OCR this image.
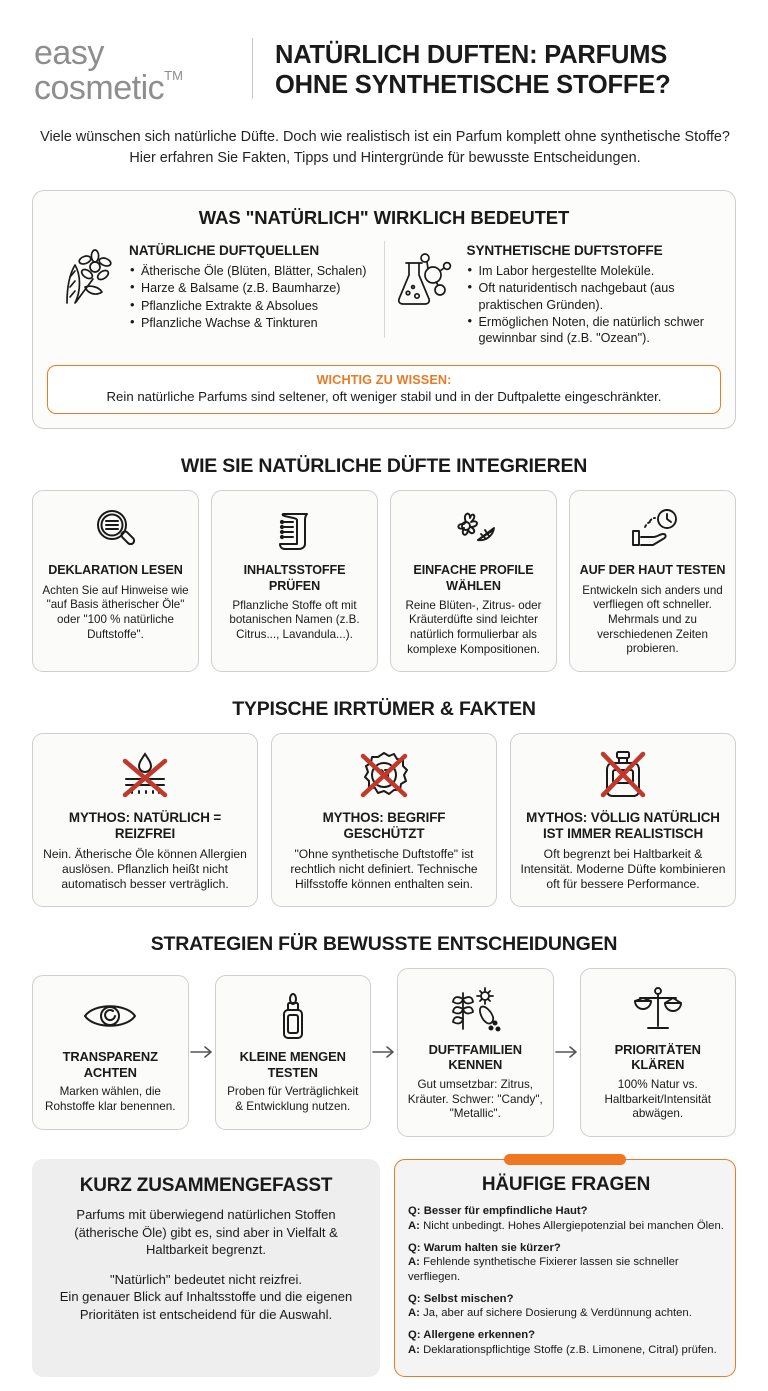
easy
cosmetic™
NATÜRLICH DUFTEN: PARFUMS OHNE SYNTHETISCHE STOFFE?
Viele wünschen sich natürliche Düfte. Doch wie realistisch ist ein Parfum komplett ohne synthetische Stoffe? Hier erfahren Sie Fakten, Tipps und Hintergründe für bewusste Entscheidungen.
WAS "NATÜRLICH" WIRKLICH BEDEUTET
NATÜRLICHE DUFTQUELLEN
• Ätherische Öle (Blüten, Blätter, Schalen)
• Harze & Balsame (z.B. Baumharze)
• Pflanzliche Extrakte & Absolues
• Pflanzliche Wachse & Tinkturen
SYNTHETISCHE DUFTSTOFFE
• Im Labor hergestellte Moleküle.
• Oft naturidentisch nachgebaut (aus praktischen Gründen).
• Ermöglichen Noten, die natürlich schwer gewinnbar sind (z.B. "Ozean").
WICHTIG ZU WISSEN:
Rein natürliche Parfums sind seltener, oft weniger stabil und in der Duftpalette eingeschränkter.
WIE SIE NATÜRLICHE DÜFTE INTEGRIEREN
DEKLARATION LESEN
Achten Sie auf Hinweise wie "auf Basis ätherischer Öle" oder "100 % natürliche Duftstoffe".
INHALTSSTOFFE PRÜFEN
Pflanzliche Stoffe oft mit botanischen Namen (z.B. Citrus..., Lavandula...).
EINFACHE PROFILE WÄHLEN
Reine Blüten-, Zitrus- oder Kräuterdüfte sind leichter natürlich formulierbar als komplexe Kompositionen.
AUF DER HAUT TESTEN
Entwickeln sich anders und verfliegen oft schneller. Mehrmals und zu verschiedenen Zeiten probieren.
TYPISCHE IRRTÜMER & FAKTEN
MYTHOS: NATÜRLICH = REIZFREI
Nein. Ätherische Öle können Allergien auslösen. Pflanzlich heißt nicht automatisch besser verträglich.
MYTHOS: BEGRIFF GESCHÜTZT
"Ohne synthetische Duftstoffe" ist rechtlich nicht definiert. Technische Hilfsstoffe können enthalten sein.
MYTHOS: VÖLLIG NATÜRLICH IST IMMER REALISTISCH
Oft begrenzt bei Haltbarkeit & Intensität. Moderne Düfte kombinieren oft für bessere Performance.
STRATEGIEN FÜR BEWUSSTE ENTSCHEIDUNGEN
TRANSPARENZ ACHTEN
Marken wählen, die Rohstoffe klar benennen.
KLEINE MENGEN TESTEN
Proben für Verträglichkeit & Entwicklung nutzen.
DUFTFAMILIEN KENNEN
Gut umsetzbar: Zitrus, Kräuter. Schwer: "Candy", "Metallic".
PRIORITÄTEN KLÄREN
100% Natur vs. Haltbarkeit/Intensität abwägen.
KURZ ZUSAMMENGEFASST

Parfums mit überwiegend natürlichen Stoffen (ätherische Öle) gibt es, sind aber in Vielfalt & Haltbarkeit begrenzt.

"Natürlich" bedeutet nicht reizfrei.
Ein genauer Blick auf Inhaltsstoffe und die eigenen Prioritäten ist entscheidend für die Auswahl.

HÄUFIGE FRAGEN
Q: Besser für empfindliche Haut?
A: Nicht unbedingt. Hohes Allergiepotenzial bei manchen Ölen.
Q: Warum halten sie kürzer?
A: Fehlende synthetische Fixierer lassen sie schneller verfliegen.
Q: Selbst mischen?
A: Ja, aber auf sichere Dosierung & Verdünnung achten.
Q: Allergene erkennen?
A: Deklarationspflichtige Stoffe (z.B. Limonene, Citral) prüfen.
